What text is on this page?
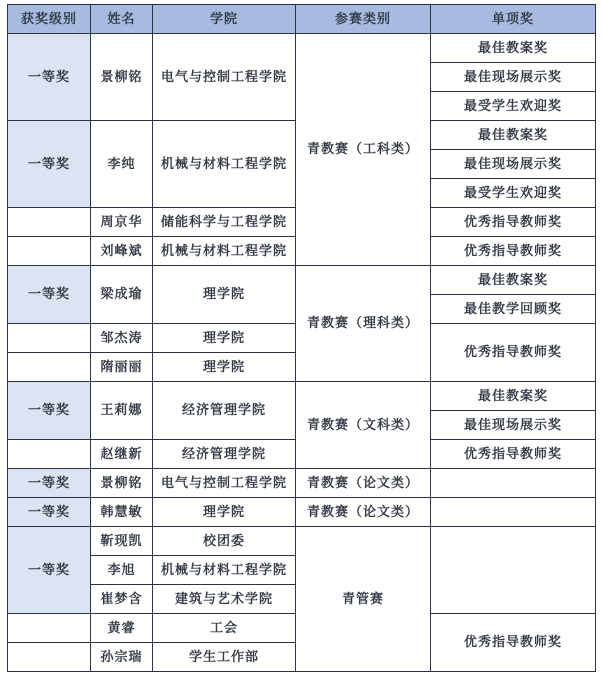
获奖级别	姓名	学院	参赛类别	单项奖
一等奖	景柳铭	电气与控制工程学院	青教赛（工科类）	最佳教案奖
				最佳现场展示奖
				最受学生欢迎奖
一等奖	李纯	机械与材料工程学院		最佳教案奖
				最佳现场展示奖
				最受学生欢迎奖
	周京华	储能科学与工程学院		优秀指导教师奖
	刘峰斌	机械与材料工程学院		优秀指导教师奖
一等奖	梁成瑜	理学院	青教赛（理科类）	最佳教案奖
				最佳教学回顾奖
	邹杰涛	理学院		优秀指导教师奖
	隋丽丽	理学院		
一等奖	王莉娜	经济管理学院	青教赛（文科类）	最佳教案奖
				最佳现场展示奖
	赵继新	经济管理学院		优秀指导教师奖
一等奖	景柳铭	电气与控制工程学院	青教赛（论文类）	
一等奖	韩慧敏	理学院	青教赛（论文类）	
一等奖	靳现凯	校团委	青管赛	
	李旭	机械与材料工程学院		
	崔梦含	建筑与艺术学院		
	黄睿	工会		优秀指导教师奖
	孙宗瑞	学生工作部		
